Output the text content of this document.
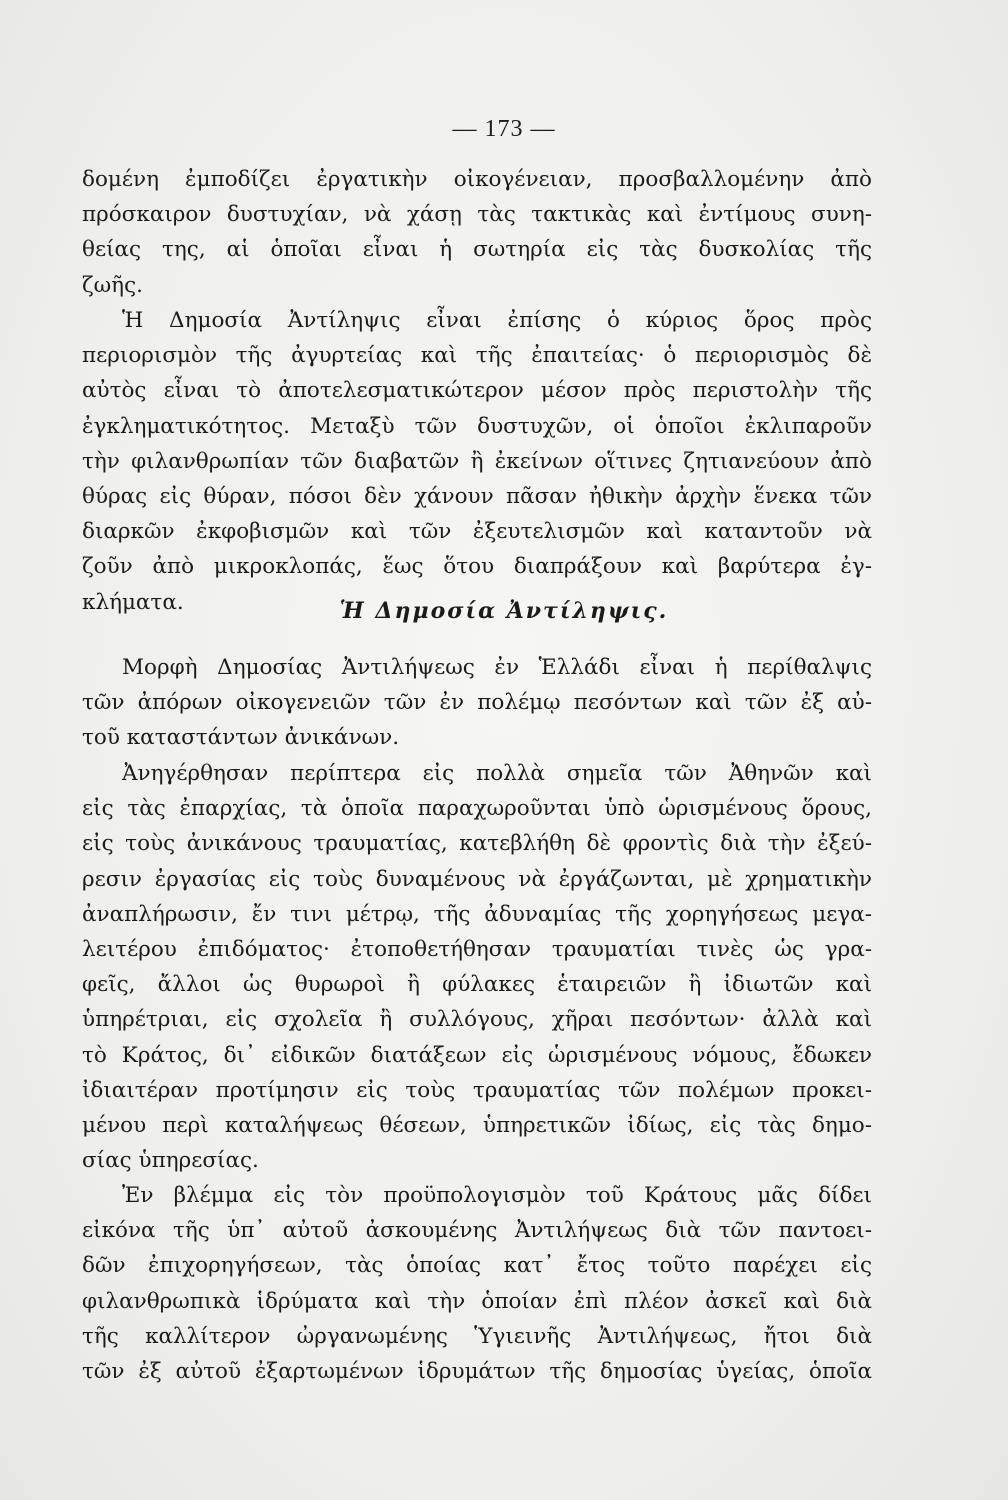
— 173 —
δομένη ἐμποδίζει ἐργατικὴν οἰκογένειαν, προσβαλλομένην ἀπὸ
πρόσκαιρον δυστυχίαν, νὰ χάσῃ τὰς τακτικὰς καὶ ἐντίμους συνη-
θείας της, αἱ ὁποῖαι εἶναι ἡ σωτηρία εἰς τὰς δυσκολίας τῆς
ζωῆς.
Ἡ Δημοσία Ἀντίληψις εἶναι ἐπίσης ὁ κύριος ὅρος πρὸς
περιορισμὸν τῆς ἀγυρτείας καὶ τῆς ἐπαιτείας· ὁ περιορισμὸς δὲ
αὐτὸς εἶναι τὸ ἀποτελεσματικώτερον μέσον πρὸς περιστολὴν τῆς
ἐγκληματικότητος. Μεταξὺ τῶν δυστυχῶν, οἱ ὁποῖοι ἐκλιπαροῦν
τὴν φιλανθρωπίαν τῶν διαβατῶν ἢ ἐκείνων οἵτινες ζητιανεύουν ἀπὸ
θύρας εἰς θύραν, πόσοι δὲν χάνουν πᾶσαν ἠθικὴν ἀρχὴν ἕνεκα τῶν
διαρκῶν ἐκφοβισμῶν καὶ τῶν ἐξευτελισμῶν καὶ καταντοῦν νὰ
ζοῦν ἀπὸ μικροκλοπάς, ἕως ὅτου διαπράξουν καὶ βαρύτερα ἐγ-
κλήματα.	Ἡ Δημοσία Ἀντίληψις.
Μορφὴ Δημοσίας Ἀντιλήψεως ἐν Ἑλλάδι εἶναι ἡ περίθαλψις
τῶν ἀπόρων οἰκογενειῶν τῶν ἐν πολέμῳ πεσόντων καὶ τῶν ἐξ αὐ-
τοῦ καταστάντων ἀνικάνων.
Ἀνηγέρθησαν περίπτερα εἰς πολλὰ σημεῖα τῶν Ἀθηνῶν καὶ
εἰς τὰς ἐπαρχίας, τὰ ὁποῖα παραχωροῦνται ὑπὸ ὡρισμένους ὅρους,
εἰς τοὺς ἀνικάνους τραυματίας, κατεβλήθη δὲ φροντὶς διὰ τὴν ἐξεύ-
ρεσιν ἐργασίας εἰς τοὺς δυναμένους νὰ ἐργάζωνται, μὲ χρηματικὴν
ἀναπλήρωσιν, ἔν τινι μέτρῳ, τῆς ἀδυναμίας τῆς χορηγήσεως μεγα-
λειτέρου ἐπιδόματος· ἐτοποθετήθησαν τραυματίαι τινὲς ὡς γρα-
φεῖς, ἄλλοι ὡς θυρωροὶ ἢ φύλακες ἑταιρειῶν ἢ ἰδιωτῶν καὶ
ὑπηρέτριαι, εἰς σχολεῖα ἢ συλλόγους, χῆραι πεσόντων· ἀλλὰ καὶ
τὸ Κράτος, δι᾽ εἰδικῶν διατάξεων εἰς ὡρισμένους νόμους, ἔδωκεν
ἰδιαιτέραν προτίμησιν εἰς τοὺς τραυματίας τῶν πολέμων προκει-
μένου περὶ καταλήψεως θέσεων, ὑπηρετικῶν ἰδίως, εἰς τὰς δημο-
σίας ὑπηρεσίας.
Ἐν βλέμμα εἰς τὸν προϋπολογισμὸν τοῦ Κράτους μᾶς δίδει
εἰκόνα τῆς ὑπ᾽ αὐτοῦ ἀσκουμένης Ἀντιλήψεως διὰ τῶν παντοει-
δῶν ἐπιχορηγήσεων, τὰς ὁποίας κατ᾽ ἔτος τοῦτο παρέχει εἰς
φιλανθρωπικὰ ἱδρύματα καὶ τὴν ὁποίαν ἐπὶ πλέον ἀσκεῖ καὶ διὰ
τῆς καλλίτερον ὠργανωμένης Ὑγιεινῆς Ἀντιλήψεως, ἤτοι διὰ
τῶν ἐξ αὐτοῦ ἐξαρτωμένων ἱδρυμάτων τῆς δημοσίας ὑγείας, ὁποῖα
